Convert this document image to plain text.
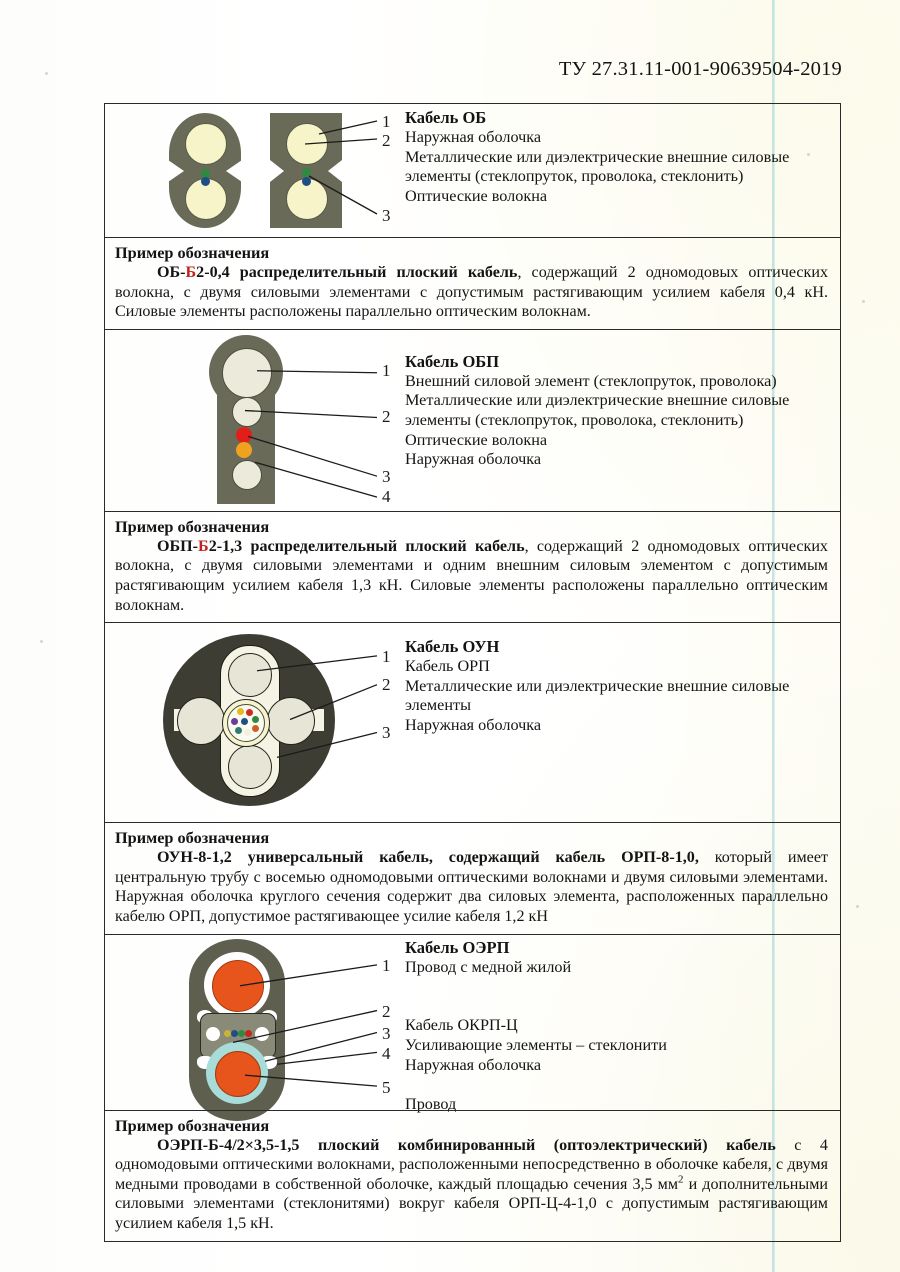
ТУ 27.31.11-001-90639504-2019
1
2
3

Кабель ОБ

Наружная оболочка

Металлические или диэлектрические внешние силовые элементы (стеклопруток, проволока, стеклонить)

Оптические волокна

Пример обозначения

ОБ-Б2-0,4 распределительный плоский кабель, содержащий 2 одномодовых оптических волокна, с двумя силовыми элементами с допустимым растягивающим усилием кабеля 0,4 кН. Силовые элементы расположены параллельно оптическим волокнам.

1
2
3
4

Кабель ОБП

Внешний силовой элемент (стеклопруток, проволока)

Металлические или диэлектрические внешние силовые элементы (стеклопруток, проволока, стеклонить)

Оптические волокна

Наружная оболочка

Пример обозначения

ОБП-Б2-1,3 распределительный плоский кабель, содержащий 2 одномодовых оптических волокна, с двумя силовыми элементами и одним внешним силовым элементом с допустимым растягивающим усилием кабеля 1,3 кН. Силовые элементы расположены параллельно оптическим волокнам.

1
2
3

Кабель ОУН

Кабель ОРП

Металлические или диэлектрические внешние силовые элементы

Наружная оболочка

Пример обозначения

ОУН-8-1,2 универсальный кабель, содержащий кабель ОРП-8-1,0, который имеет центральную трубу с восемью одномодовыми оптическими волокнами и двумя силовыми элементами. Наружная оболочка круглого сечения содержит два силовых элемента, расположенных параллельно кабелю ОРП, допустимое растягивающее усилие кабеля 1,2 кН

1
2
3
4
5

Кабель ОЭРП

Провод с медной жилой

Кабель ОКРП-Ц

Усиливающие элементы – стеклонити

Наружная оболочка

Провод

Пример обозначения

ОЭРП-Б-4/2×3,5-1,5 плоский комбинированный (оптоэлектрический) кабель с 4 одномодовыми оптическими волокнами, расположенными непосредственно в оболочке кабеля, с двумя медными проводами в собственной оболочке, каждый площадью сечения 3,5 $мм^2$ и дополнительными силовыми элементами (стеклонитями) вокруг кабеля ОРП-Ц-4-1,0 с допустимым растягивающим усилием кабеля 1,5 кН.
